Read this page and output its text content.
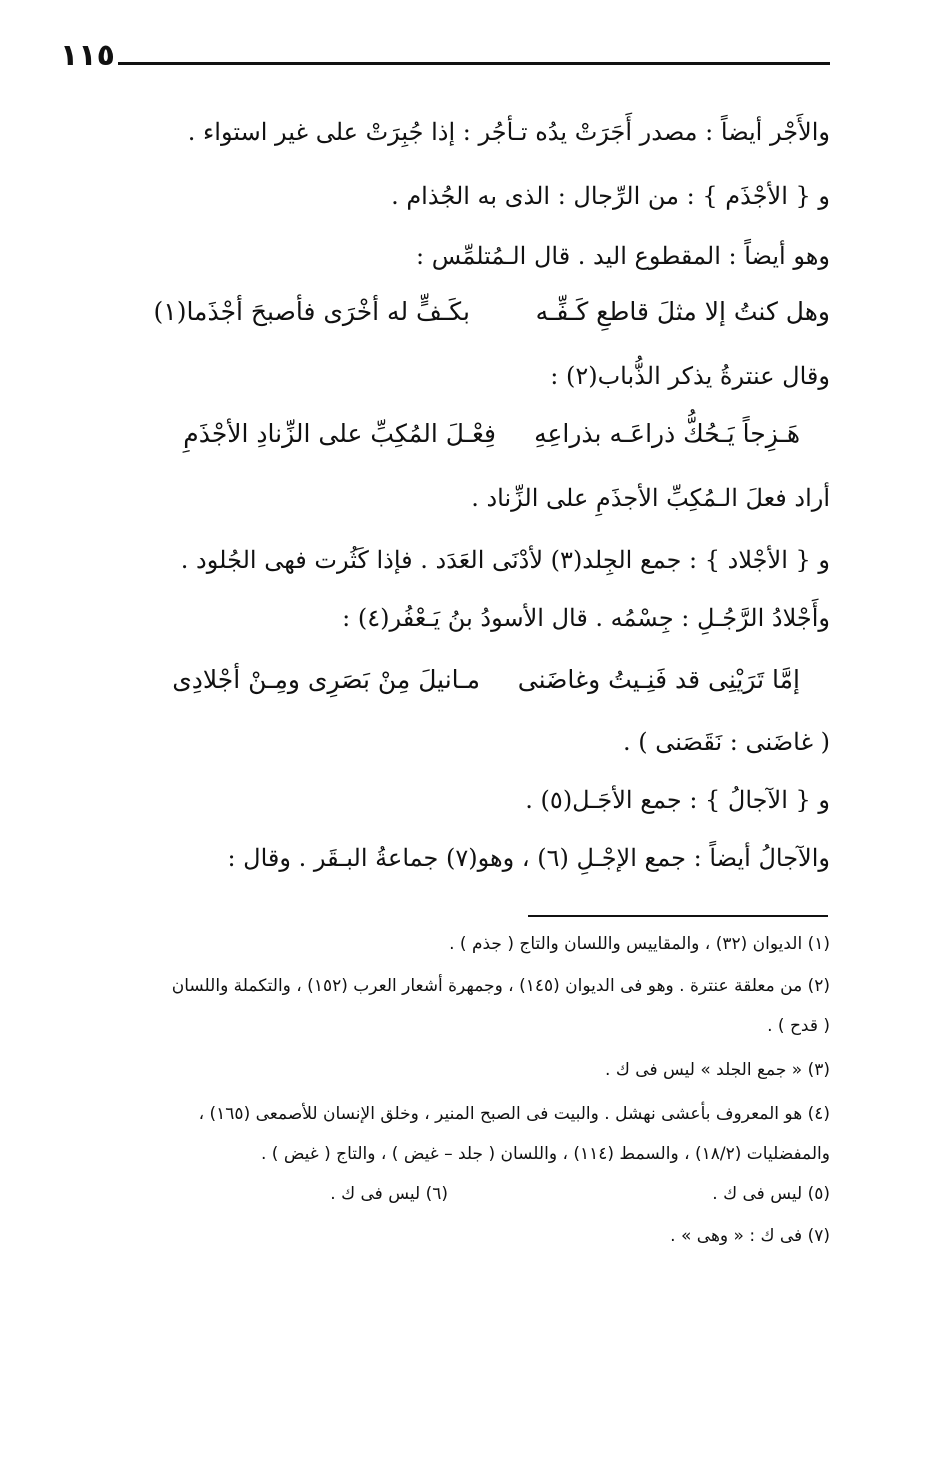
١١٥
والأَجْر أيضاً : مصدر أَجَرَتْ يدُه تـأجُر : إذا جُبِرَتْ على غير استواء .
و { الأجْذَم } : من الرِّجال : الذى به الجُذام .
وهو أيضاً : المقطوع اليد . قال الـمُتلمِّس :
وهل كنتُ إلا مثلَ قاطعِ كَـفِّـه
بكَـفٍّ له أخْرَى فأصبحَ أجْذَما(١)
وقال عنترةُ يذكر الذُّباب(٢) :
هَـزِجاً يَـحُكُّ ذراعَـه بذراعِهِ
فِعْـلَ المُكِبِّ على الزِّنادِ الأجْذَمِ
أراد فعلَ الـمُكِبِّ الأجذَمِ على الزِّناد .
و { الأجْلاد } : جمع الجِلد(٣) لأدْنَى العَدَد . فإذا كَثُرت فهى الجُلود .
وأَجْلادُ الرَّجُـلِ : جِسْمُه . قال الأسودُ بنُ يَـعْفُر(٤) :
إمَّا تَرَيْنِى قد فَنِـيتُ وغاضَنى
مـانيلَ مِنْ بَصَرِى ومِـنْ أجْلادِى
( غاضَنى : نَقَصَنى ) .
و { الآجالُ } : جمع الأجَـل(٥) .
والآجالُ أيضاً : جمع الإجْـلِ (٦) ، وهو(٧) جماعةُ البـقَر . وقال :
(١) الديوان (٣٢) ، والمقاييس واللسان والتاج ( جذم ) .
(٢) من معلقة عنترة . وهو فى الديوان (١٤٥) ، وجمهرة أشعار العرب (١٥٢) ، والتكملة واللسان
( قدح ) .
(٣) « جمع الجلد » ليس فى ك .
(٤) هو المعروف بأعشى نهشل . والبيت فى الصبح المنير ، وخلق الإنسان للأصمعى (١٦٥) ،
والمفضليات (١٨/٢) ، والسمط (١١٤) ، واللسان ( جلد – غيض ) ، والتاج ( غيض ) .
(٥) ليس فى ك .
(٦) ليس فى ك .
(٧) فى ك : « وهى » .
